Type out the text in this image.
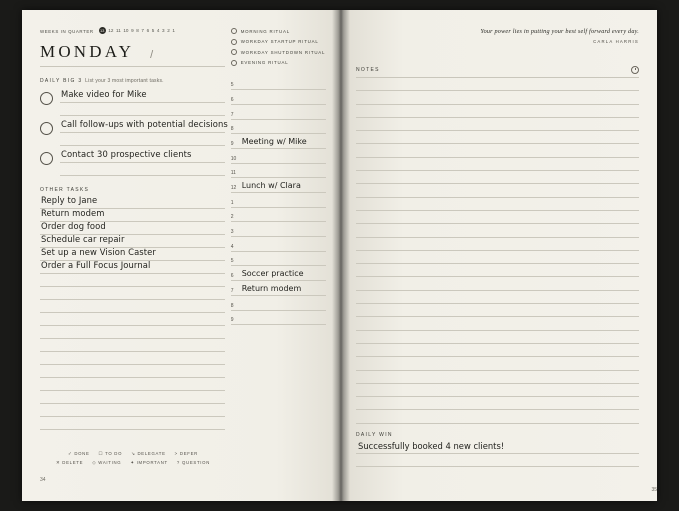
WEEKS IN QUARTER	13 12 11 10 9 8 7 6 5 4 3 2 1
MONDAY /
DAILY BIG 3 List your 3 most important tasks.
Make video for Mike
Call follow-ups with potential decisions
Contact 30 prospective clients
OTHER TASKS
Reply to Jane
Return modem
Order dog food
Schedule car repair
Set up a new Vision Caster
Order a Full Focus Journal
✓ DONE ☐ TO DO ↘ DELEGATE > DEFER
✕ DELETE ◇ WAITING ✦ IMPORTANT ? QUESTION
34
MORNING RITUAL
WORKDAY STARTUP RITUAL
WORKDAY SHUTDOWN RITUAL
EVENING RITUAL
5
6
7
8
9 Meeting w/ Mike
10
11
12 Lunch w/ Clara
1
2
3
4
5
6 Soccer practice
7 Return modem
8
9
Your power lies in putting your best self forward every day.
CARLA HARRIS
NOTES
DAILY WIN
Successfully booked 4 new clients!
35
